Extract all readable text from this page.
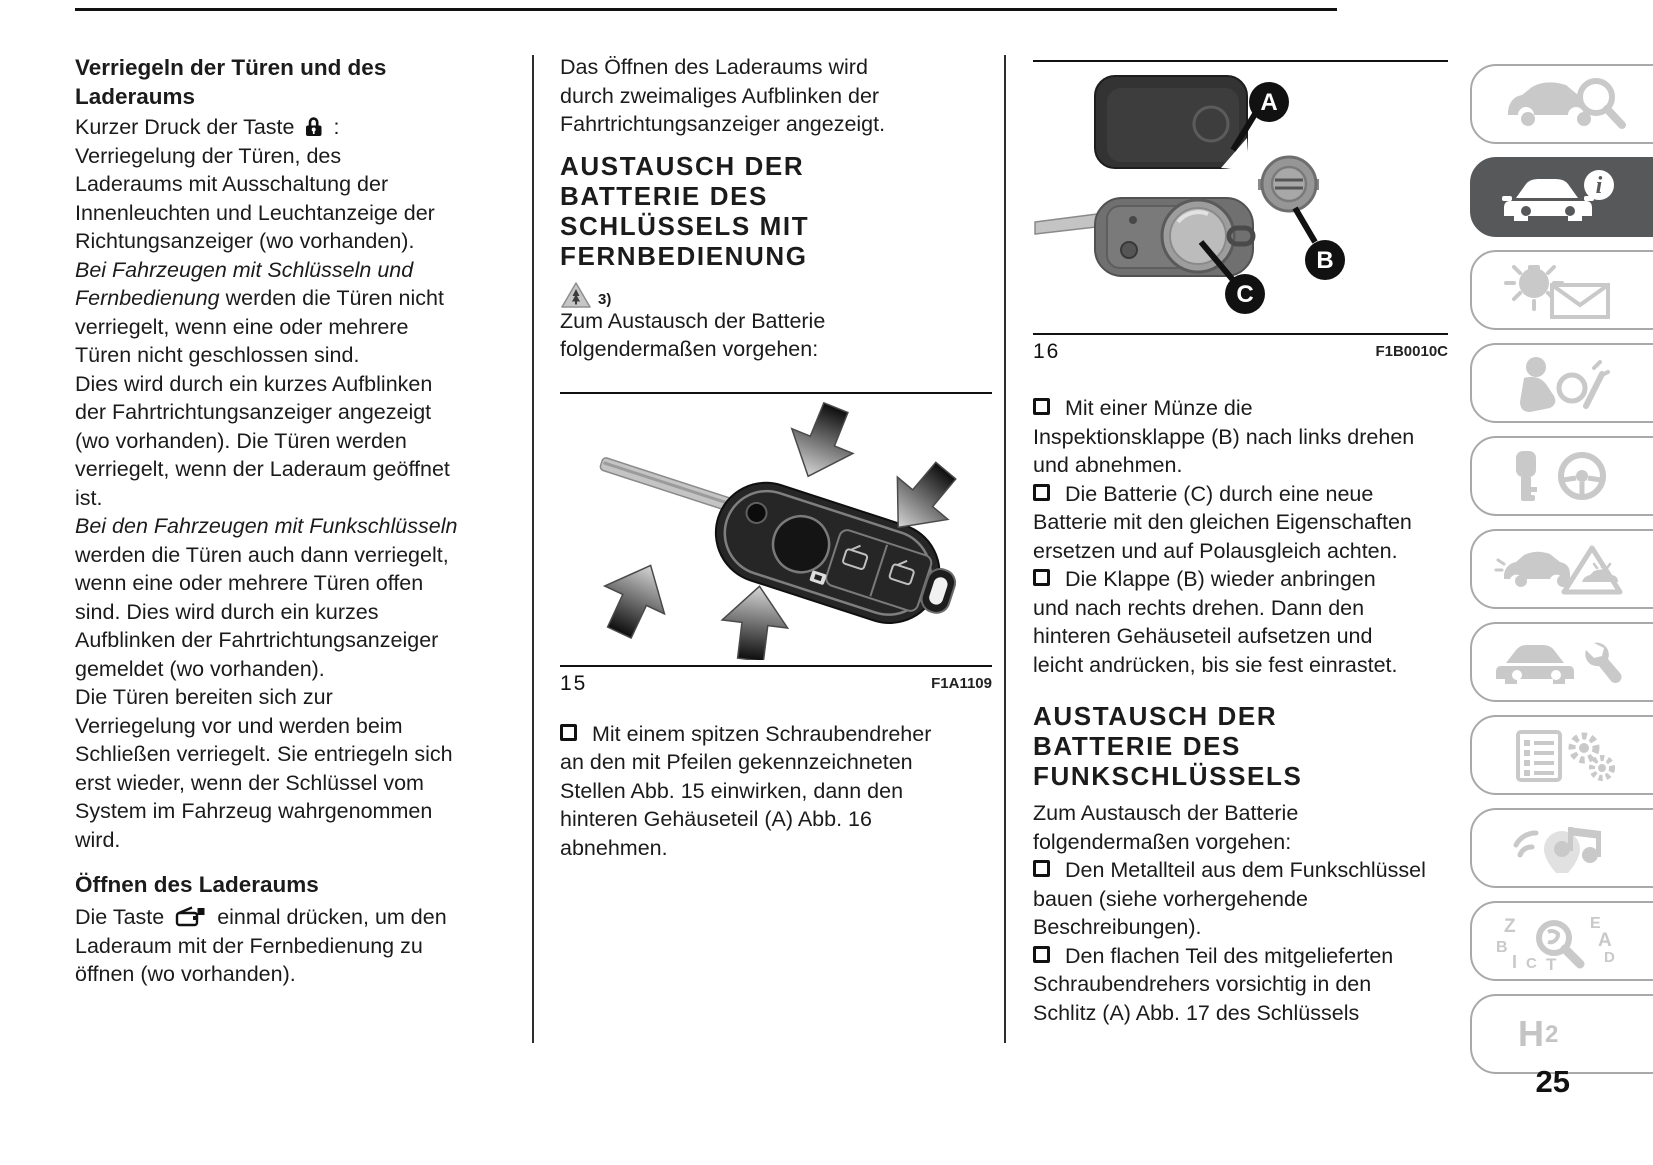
Verriegeln der Türen und des
Laderaums
Kurzer Druck der Taste :
Verriegelung der Türen, des
Laderaums mit Ausschaltung der
Innenleuchten und Leuchtanzeige der
Richtungsanzeiger (wo vorhanden).
Bei Fahrzeugen mit Schlüsseln und
Fernbedienung werden die Türen nicht
verriegelt, wenn eine oder mehrere
Türen nicht geschlossen sind.
Dies wird durch ein kurzes Aufblinken
der Fahrtrichtungsanzeiger angezeigt
(wo vorhanden). Die Türen werden
verriegelt, wenn der Laderaum geöffnet
ist.
Bei den Fahrzeugen mit Funkschlüsseln
werden die Türen auch dann verriegelt,
wenn eine oder mehrere Türen offen
sind. Dies wird durch ein kurzes
Aufblinken der Fahrtrichtungsanzeiger
gemeldet (wo vorhanden).
Die Türen bereiten sich zur
Verriegelung vor und werden beim
Schließen verriegelt. Sie entriegeln sich
erst wieder, wenn der Schlüssel vom
System im Fahrzeug wahrgenommen
wird.
Öffnen des Laderaums
Die Taste einmal drücken, um den
Laderaum mit der Fernbedienung zu
öffnen (wo vorhanden).
Das Öffnen des Laderaums wird
durch zweimaliges Aufblinken der
Fahrtrichtungsanzeiger angezeigt.
AUSTAUSCH DER
BATTERIE DES
SCHLÜSSELS MIT
FERNBEDIENUNG
3)
Zum Austausch der Batterie
folgendermaßen vorgehen:
15	F1A1109
Mit einem spitzen Schraubendreher
an den mit Pfeilen gekennzeichneten
Stellen Abb. 15 einwirken, dann den
hinteren Gehäuseteil (A) Abb. 16
abnehmen.
A
B
C
16	F1B0010C
Mit einer Münze die
Inspektionsklappe (B) nach links drehen
und abnehmen.
Die Batterie (C) durch eine neue
Batterie mit den gleichen Eigenschaften
ersetzen und auf Polausgleich achten.
Die Klappe (B) wieder anbringen
und nach rechts drehen. Dann den
hinteren Gehäuseteil aufsetzen und
leicht andrücken, bis sie fest einrastet.
AUSTAUSCH DER
BATTERIE DES
FUNKSCHLÜSSELS
Zum Austausch der Batterie
folgendermaßen vorgehen:
Den Metallteil aus dem Funkschlüssel
bauen (siehe vorhergehende
Beschreibungen).
Den flachen Teil des mitgelieferten
Schraubendrehers vorsichtig in den
Schlitz (A) Abb. 17 des Schlüssels
i
Z
B
I C T
E
A
D
H 2
25
